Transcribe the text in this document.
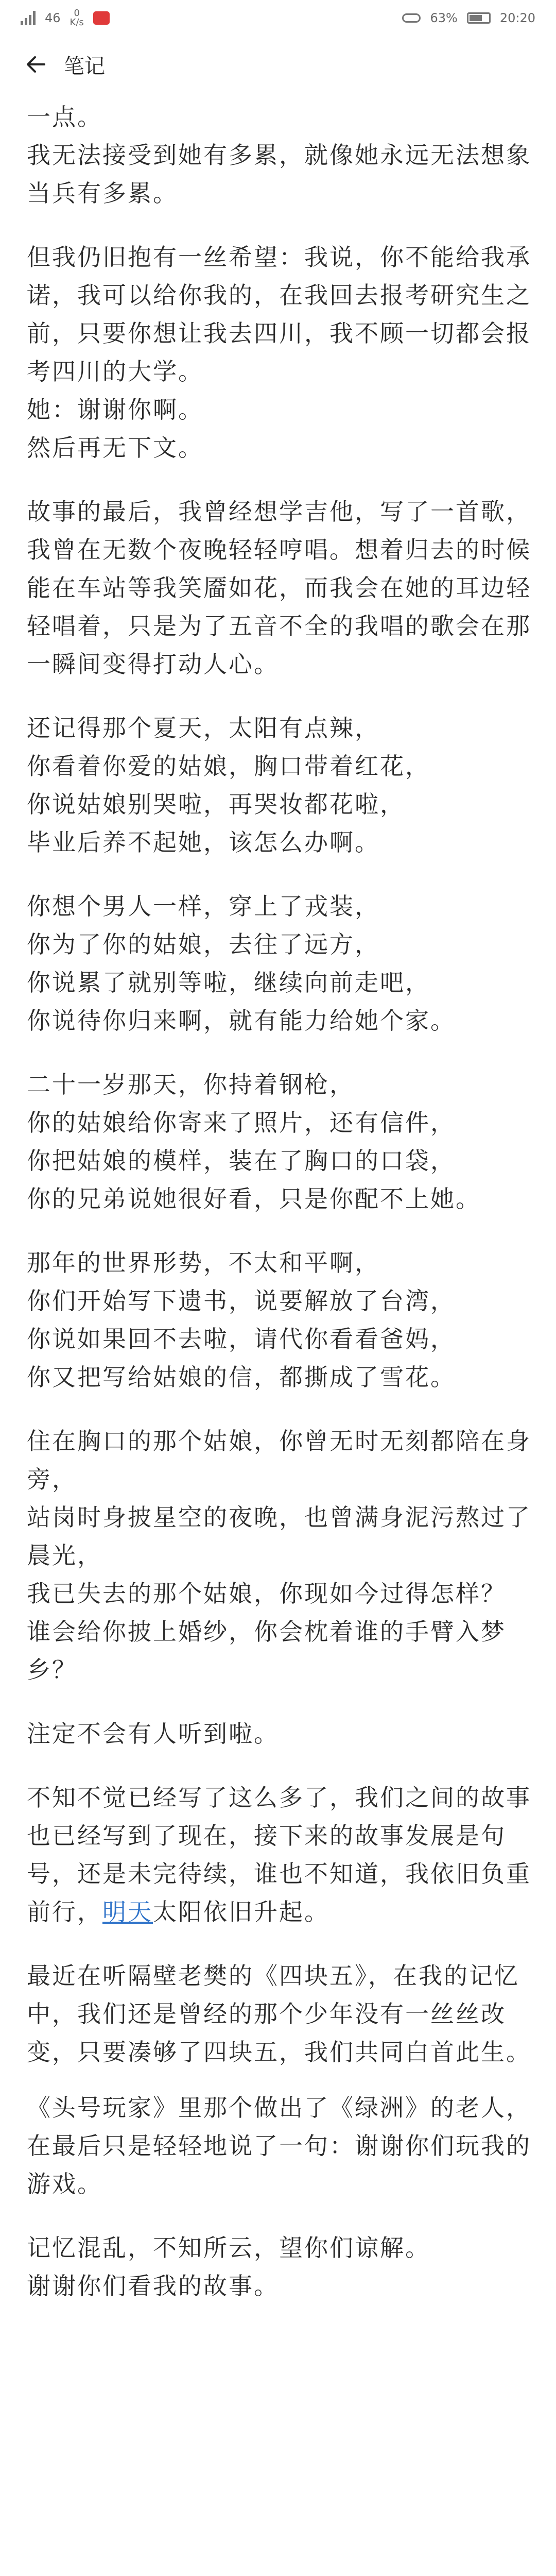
46	0
K/s	63%	20:20
笔记

一点。

我无法接受到她有多累，就像她永远无法想象当兵有多累。

但我仍旧抱有一丝希望：我说，你不能给我承诺，我可以给你我的，在我回去报考研究生之前，只要你想让我去四川，我不顾一切都会报考四川的大学。

她：谢谢你啊。

然后再无下文。

故事的最后，我曾经想学吉他，写了一首歌，我曾在无数个夜晚轻轻哼唱。想着归去的时候能在车站等我笑靥如花，而我会在她的耳边轻轻唱着，只是为了五音不全的我唱的歌会在那一瞬间变得打动人心。

还记得那个夏天，太阳有点辣，

你看着你爱的姑娘，胸口带着红花，

你说姑娘别哭啦，再哭妆都花啦，

毕业后养不起她，该怎么办啊。

你想个男人一样，穿上了戎装，

你为了你的姑娘，去往了远方，

你说累了就别等啦，继续向前走吧，

你说待你归来啊，就有能力给她个家。

二十一岁那天，你持着钢枪，

你的姑娘给你寄来了照片，还有信件，

你把姑娘的模样，装在了胸口的口袋，

你的兄弟说她很好看，只是你配不上她。

那年的世界形势，不太和平啊，

你们开始写下遗书，说要解放了台湾，

你说如果回不去啦，请代你看看爸妈，

你又把写给姑娘的信，都撕成了雪花。

住在胸口的那个姑娘，你曾无时无刻都陪在身旁，

站岗时身披星空的夜晚，也曾满身泥污熬过了晨光，

我已失去的那个姑娘，你现如今过得怎样？

谁会给你披上婚纱，你会枕着谁的手臂入梦乡？

注定不会有人听到啦。

不知不觉已经写了这么多了，我们之间的故事也已经写到了现在，接下来的故事发展是句号，还是未完待续，谁也不知道，我依旧负重前行，明天太阳依旧升起。

最近在听隔壁老樊的《四块五》，在我的记忆中，我们还是曾经的那个少年没有一丝丝改变，只要凑够了四块五，我们共同白首此生。

《头号玩家》里那个做出了《绿洲》的老人，在最后只是轻轻地说了一句：谢谢你们玩我的游戏。

记忆混乱，不知所云，望你们谅解。

谢谢你们看我的故事。
